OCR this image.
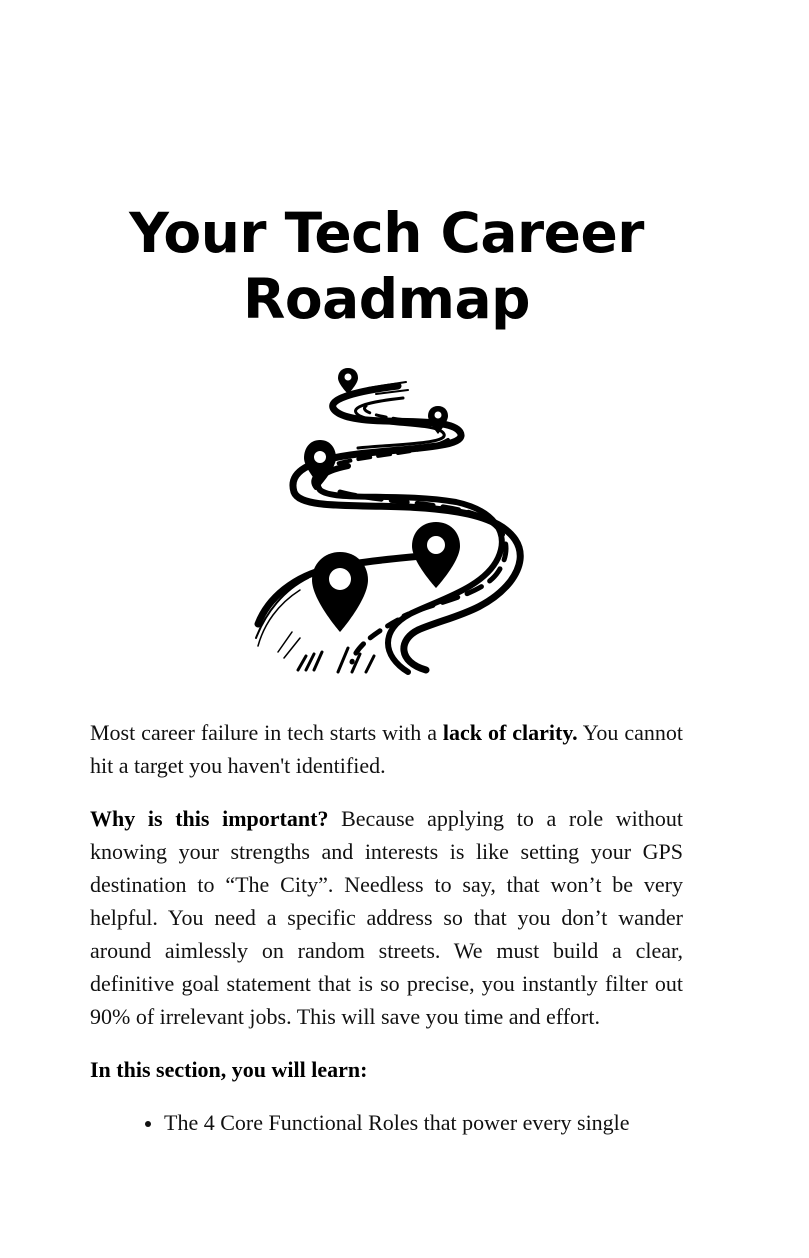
Your Tech Career
Roadmap

Most career failure in tech starts with a lack of clarity. You cannot hit a target you haven't identified.

Why is this important? Because applying to a role without knowing your strengths and interests is like setting your GPS destination to “The City”. Needless to say, that won’t be very helpful. You need a specific address so that you don’t wander around aimlessly on random streets. We must build a clear, definitive goal statement that is so precise, you instantly filter out 90% of irrelevant jobs. This will save you time and effort.

In this section, you will learn:

The 4 Core Functional Roles that power every single
